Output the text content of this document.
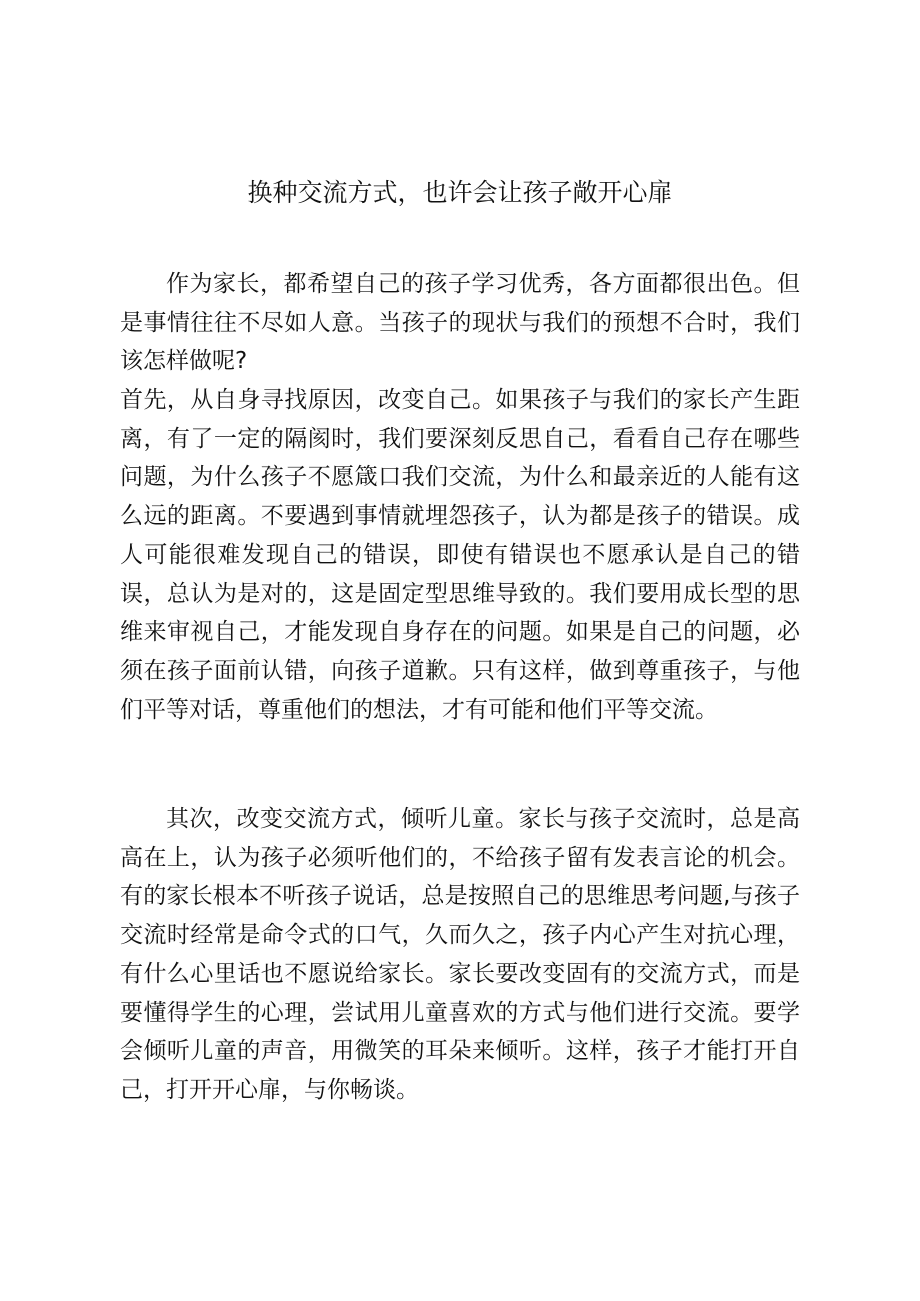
换种交流方式，也许会让孩子敞开心扉

作为家长，都希望自己的孩子学习优秀，各方面都很出色。但是事情往往不尽如人意。当孩子的现状与我们的预想不合时，我们该怎样做呢?

首先，从自身寻找原因，改变自己。如果孩子与我们的家长产生距离，有了一定的隔阂时，我们要深刻反思自己，看看自己存在哪些问题，为什么孩子不愿箴口我们交流，为什么和最亲近的人能有这么远的距离。不要遇到事情就埋怨孩子，认为都是孩子的错误。成人可能很难发现自己的错误，即使有错误也不愿承认是自己的错误，总认为是对的，这是固定型思维导致的。我们要用成长型的思维来审视自己，才能发现自身存在的问题。如果是自己的问题，必须在孩子面前认错，向孩子道歉。只有这样，做到尊重孩子，与他们平等对话，尊重他们的想法，才有可能和他们平等交流。

其次，改变交流方式，倾听儿童。家长与孩子交流时，总是高高在上，认为孩子必须听他们的，不给孩子留有发表言论的机会。有的家长根本不听孩子说话，总是按照自己的思维思考问题,与孩子交流时经常是命令式的口气，久而久之，孩子内心产生对抗心理，有什么心里话也不愿说给家长。家长要改变固有的交流方式，而是要懂得学生的心理，尝试用儿童喜欢的方式与他们进行交流。要学会倾听儿童的声音，用微笑的耳朵来倾听。这样，孩子才能打开自己，打开开心扉，与你畅谈。
